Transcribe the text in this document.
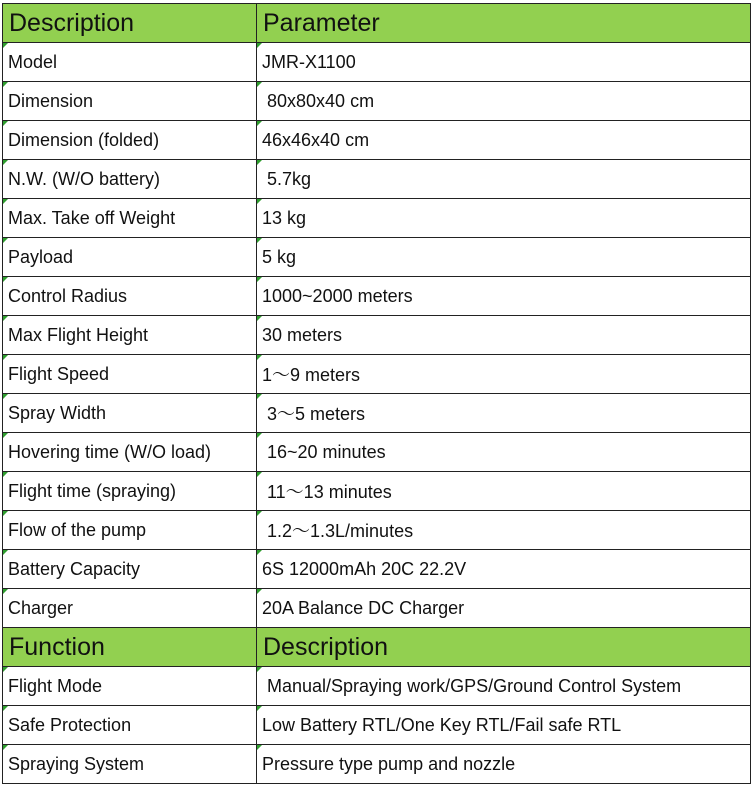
Description	Parameter
Model	JMR-X1100
Dimension	80x80x40 cm
Dimension (folded)	46x46x40 cm
N.W. (W/O battery)	5.7kg
Max. Take off Weight	13 kg
Payload	5 kg
Control Radius	1000~2000 meters
Max Flight Height	30 meters
Flight Speed	1〜9 meters
Spray Width	3〜5 meters
Hovering time (W/O load)	16~20 minutes
Flight time (spraying)	11〜13 minutes
Flow of the pump	1.2〜1.3L/minutes
Battery Capacity	6S 12000mAh 20C 22.2V
Charger	20A Balance DC Charger
Function	Description
Flight Mode	Manual/Spraying work/GPS/Ground Control System
Safe Protection	Low Battery RTL/One Key RTL/Fail safe RTL
Spraying System	Pressure type pump and nozzle
